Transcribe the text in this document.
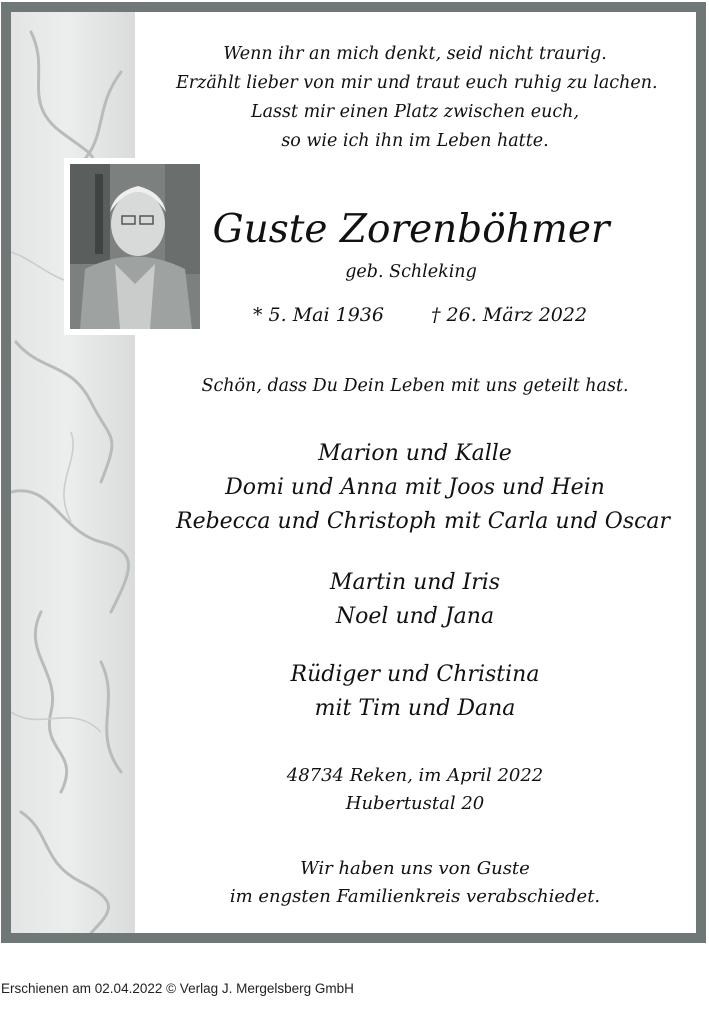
Wenn ihr an mich denkt, seid nicht traurig.
Erzählt lieber von mir und traut euch ruhig zu lachen.
Lasst mir einen Platz zwischen euch,
so wie ich ihn im Leben hatte.
Guste Zorenböhmer
geb. Schleking
* 5. Mai 1936 † 26. März 2022
Schön, dass Du Dein Leben mit uns geteilt hast.
Marion und Kalle
Domi und Anna mit Joos und Hein
Rebecca und Christoph mit Carla und Oscar
Martin und Iris
Noel und Jana
Rüdiger und Christina
mit Tim und Dana
48734 Reken, im April 2022
Hubertustal 20
Wir haben uns von Guste
im engsten Familienkreis verabschiedet.
Erschienen am 02.04.2022 © Verlag J. Mergelsberg GmbH
